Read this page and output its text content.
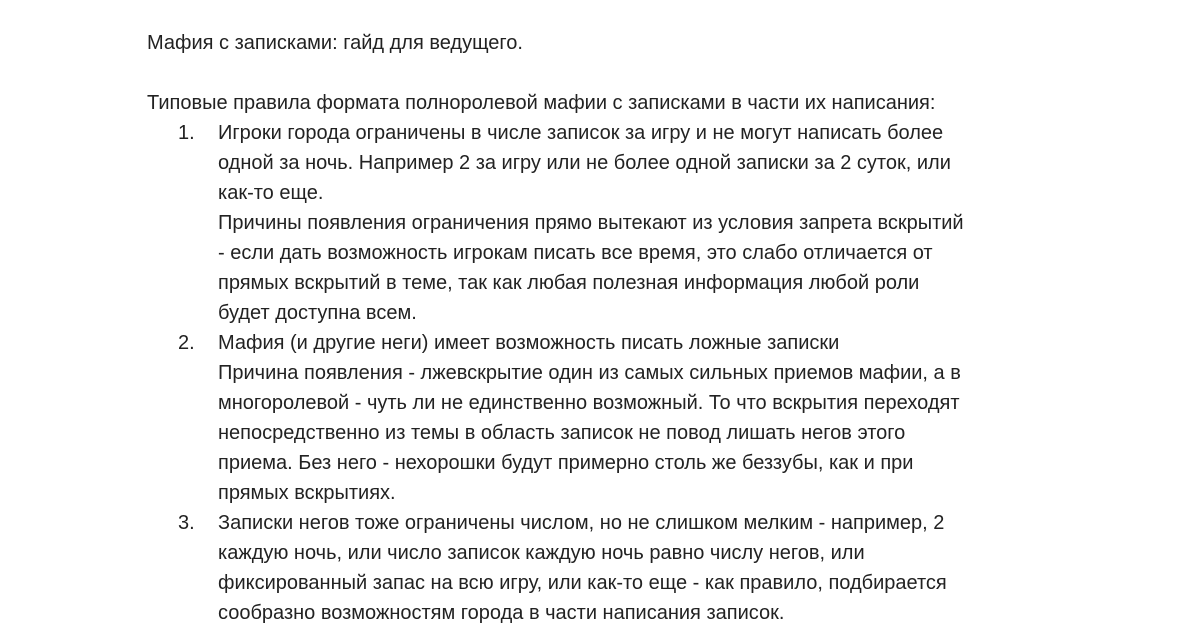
Мафия с записками: гайд для ведущего.

Типовые правила формата полноролевой мафии с записками в части их написания:

1. Игроки города ограничены в числе записок за игру и не могут написать более
одной за ночь. Например 2 за игру или не более одной записки за 2 суток, или
как-то еще.
Причины появления ограничения прямо вытекают из условия запрета вскрытий
- если дать возможность игрокам писать все время, это слабо отличается от
прямых вскрытий в теме, так как любая полезная информация любой роли
будет доступна всем.
2. Мафия (и другие неги) имеет возможность писать ложные записки
Причина появления - лжевскрытие один из самых сильных приемов мафии, а в
многоролевой - чуть ли не единственно возможный. То что вскрытия переходят
непосредственно из темы в область записок не повод лишать негов этого
приема. Без него - нехорошки будут примерно столь же беззубы, как и при
прямых вскрытиях.
3. Записки негов тоже ограничены числом, но не слишком мелким - например, 2
каждую ночь, или число записок каждую ночь равно числу негов, или
фиксированный запас на всю игру, или как-то еще - как правило, подбирается
сообразно возможностям города в части написания записок.
